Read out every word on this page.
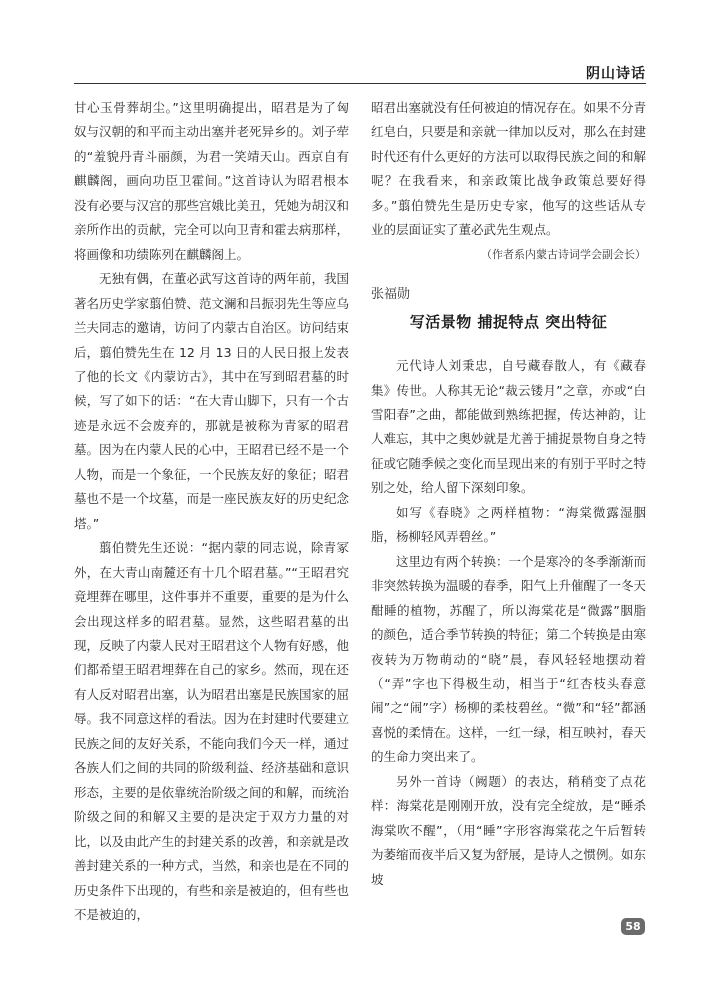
阴山诗话

甘心玉骨葬胡尘。”这里明确提出，昭君是为了匈奴与汉朝的和平而主动出塞并老死异乡的。刘子荦的“羞貌丹青斗丽颜，为君一笑靖天山。西京自有麒麟阁，画向功臣卫霍间。”这首诗认为昭君根本没有必要与汉宫的那些宫娥比美丑，凭她为胡汉和亲所作出的贡献，完全可以向卫青和霍去病那样，将画像和功绩陈列在麒麟阁上。

无独有偶，在董必武写这首诗的两年前，我国著名历史学家翦伯赞、范文澜和吕振羽先生等应乌兰夫同志的邀请，访问了内蒙古自治区。访问结束后，翦伯赞先生在 12 月 13 日的人民日报上发表了他的长文《内蒙访古》，其中在写到昭君墓的时候，写了如下的话：“在大青山脚下，只有一个古迹是永远不会废弃的，那就是被称为青冢的昭君墓。因为在内蒙人民的心中，王昭君已经不是一个人物，而是一个象征，一个民族友好的象征；昭君墓也不是一个坟墓，而是一座民族友好的历史纪念塔。”

翦伯赞先生还说：“据内蒙的同志说，除青冢外，在大青山南麓还有十几个昭君墓。”“王昭君究竟埋葬在哪里，这件事并不重要，重要的是为什么会出现这样多的昭君墓。显然，这些昭君墓的出现，反映了内蒙人民对王昭君这个人物有好感，他们都希望王昭君埋葬在自己的家乡。然而，现在还有人反对昭君出塞，认为昭君出塞是民族国家的屈辱。我不同意这样的看法。因为在封建时代要建立民族之间的友好关系，不能向我们今天一样，通过各族人们之间的共同的阶级利益、经济基础和意识形态，主要的是依靠统治阶级之间的和解，而统治阶级之间的和解又主要的是决定于双方力量的对比，以及由此产生的封建关系的改善，和亲就是改善封建关系的一种方式，当然，和亲也是在不同的历史条件下出现的，有些和亲是被迫的，但有些也不是被迫的，

昭君出塞就没有任何被迫的情况存在。如果不分青红皂白，只要是和亲就一律加以反对，那么在封建时代还有什么更好的方法可以取得民族之间的和解呢？在我看来，和亲政策比战争政策总要好得多。”翦伯赞先生是历史专家，他写的这些话从专业的层面证实了董必武先生观点。

（作者系内蒙古诗词学会副会长）

张福勋
写活景物 捕捉特点 突出特征

元代诗人刘秉忠，自号藏春散人，有《藏春集》传世。人称其无论“裁云镂月”之章，亦或“白雪阳春”之曲，都能做到熟练把握，传达神韵，让人难忘，其中之奥妙就是尤善于捕捉景物自身之特征或它随季候之变化而呈现出来的有别于平时之特别之处，给人留下深刻印象。

如写《春晓》之两样植物：“海棠微露湿胭脂，杨柳轻风弄碧丝。”

这里边有两个转换：一个是寒冷的冬季渐渐而非突然转换为温暖的春季，阳气上升催醒了一冬天酣睡的植物，苏醒了，所以海棠花是“微露”胭脂的颜色，适合季节转换的特征；第二个转换是由寒夜转为万物萌动的“晓”晨，春风轻轻地摆动着（“弄”字也下得极生动，相当于“红杏枝头春意闹”之“闹”字）杨柳的柔枝碧丝。“微”和“轻”都涵喜悦的柔情在。这样，一红一绿，相互映衬，春天的生命力突出来了。

另外一首诗（阙题）的表达，稍稍变了点花样：海棠花是刚刚开放，没有完全绽放，是“睡杀海棠吹不醒”，（用“睡”字形容海棠花之午后暂转为萎缩而夜半后又复为舒展，是诗人之惯例。如东坡

58
